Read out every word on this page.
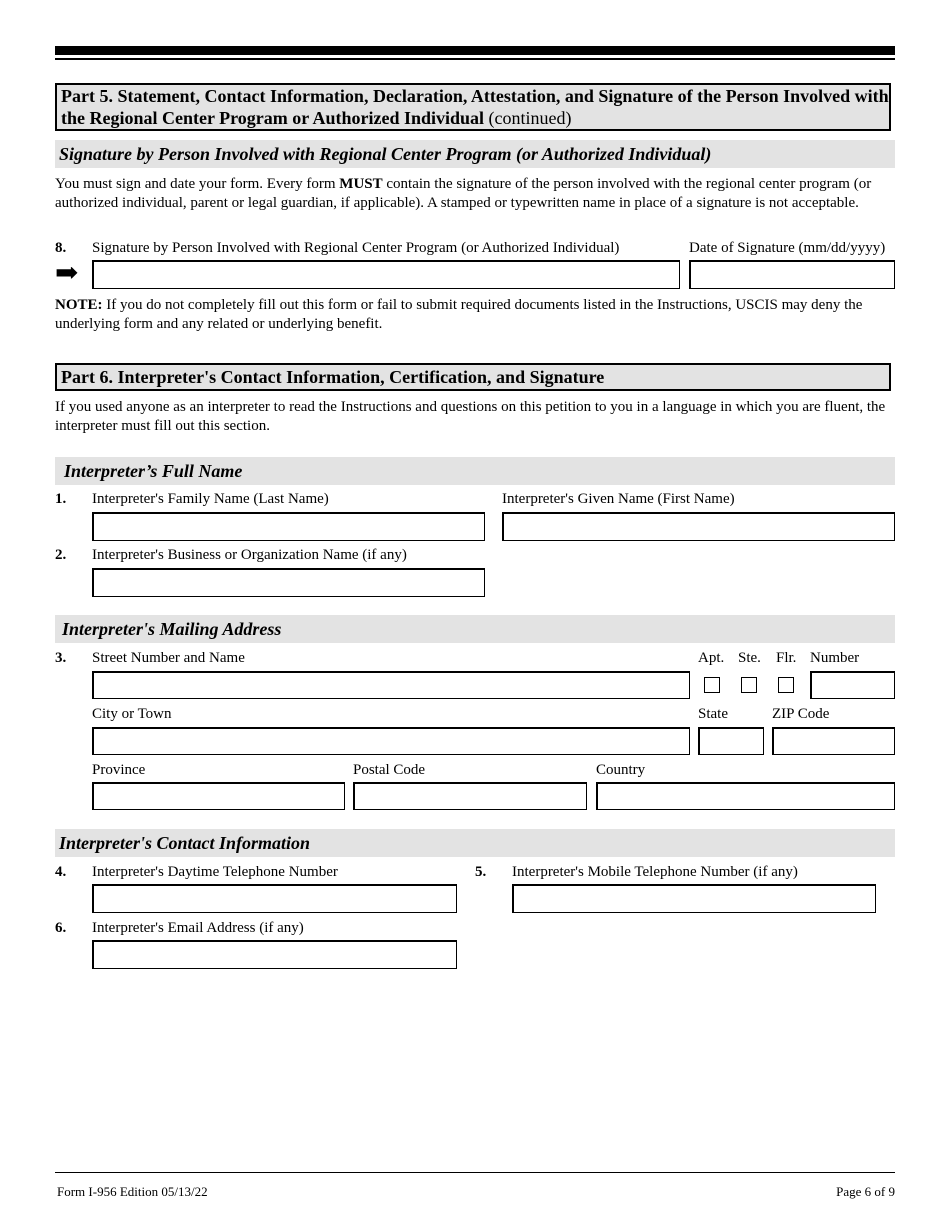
Part 5. Statement, Contact Information, Declaration, Attestation, and Signature of the Person Involved with the Regional Center Program or Authorized Individual (continued)
Signature by Person Involved with Regional Center Program (or Authorized Individual)
You must sign and date your form. Every form MUST contain the signature of the person involved with the regional center program (or authorized individual, parent or legal guardian, if applicable). A stamped or typewritten name in place of a signature is not acceptable.
8. Signature by Person Involved with Regional Center Program (or Authorized Individual)	Date of Signature (mm/dd/yyyy)
➡
NOTE: If you do not completely fill out this form or fail to submit required documents listed in the Instructions, USCIS may deny the underlying form and any related or underlying benefit.
Part 6. Interpreter's Contact Information, Certification, and Signature
If you used anyone as an interpreter to read the Instructions and questions on this petition to you in a language in which you are fluent, the interpreter must fill out this section.
Interpreter’s Full Name
1. Interpreter's Family Name (Last Name)	Interpreter's Given Name (First Name)
2. Interpreter's Business or Organization Name (if any)
Interpreter's Mailing Address
3. Street Number and Name	Apt. Ste. Flr. Number
City or Town	State	ZIP Code
Province	Postal Code	Country
Interpreter's Contact Information
4. Interpreter's Daytime Telephone Number	5. Interpreter's Mobile Telephone Number (if any)
6. Interpreter's Email Address (if any)
Form I-956 Edition 05/13/22	Page 6 of 9
